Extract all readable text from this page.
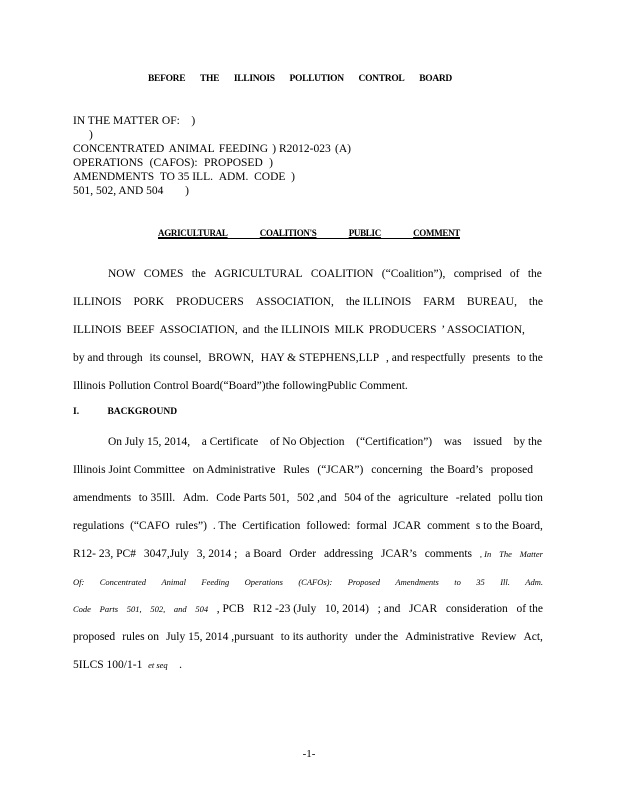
BEFORE THE ILLINOIS POLLUTION CONTROL BOARD
IN THE MATTER OF: )
)
CONCENTRATED ANIMAL FEEDING ) R2012-023 (A)
OPERATIONS (CAFOS): PROPOSED )
AMENDMENTS TO 35 ILL. ADM. CODE )
501, 502, AND 504 )
AGRICULTURAL	COALITION'S	PUBLIC	COMMENT
NOW COMES the AGRICULTURAL COALITION (“Coalition”), comprised of the
ILLINOIS PORK PRODUCERS ASSOCIATION, the ILLINOIS FARM BUREAU, the
ILLINOIS BEEF ASSOCIATION, and the ILLINOIS MILK PRODUCERS ’ ASSOCIATION,
by and through its counsel, BROWN, HAY & STEPHENS,LLP , and respectfully presents to the
Illinois Pollution Control Board(“Board”) the following Public Comment.
I.	BACKGROUND
On July 15, 2014, a Certificate of No Objection (“Certification”) was issued by the
Illinois Joint Committee on Administrative Rules (“JCAR”) concerning the Board’s proposed
amendments to 35Ill. Adm. Code Parts 501, 502 ,and 504 of the agriculture -related pollu tion
regulations (“CAFO rules”) . The Certification followed: formal JCAR comment s to the Board,
R12- 23, PC# 3047,July 3, 2014 ; a Board Order addressing JCAR’s comments , In The Matter
Of: Concentrated Animal Feeding Operations (CAFOs): Proposed Amendments to 35 Ill. Adm.
Code Parts 501, 502, and 504 , PCB R12 -23 (July 10, 2014) ; and JCAR consideration of the
proposed rules on July 15, 2014 ,pursuant to its authority under the Administrative Review Act,
5ILCS 100/1-1 et seq .
-1-
